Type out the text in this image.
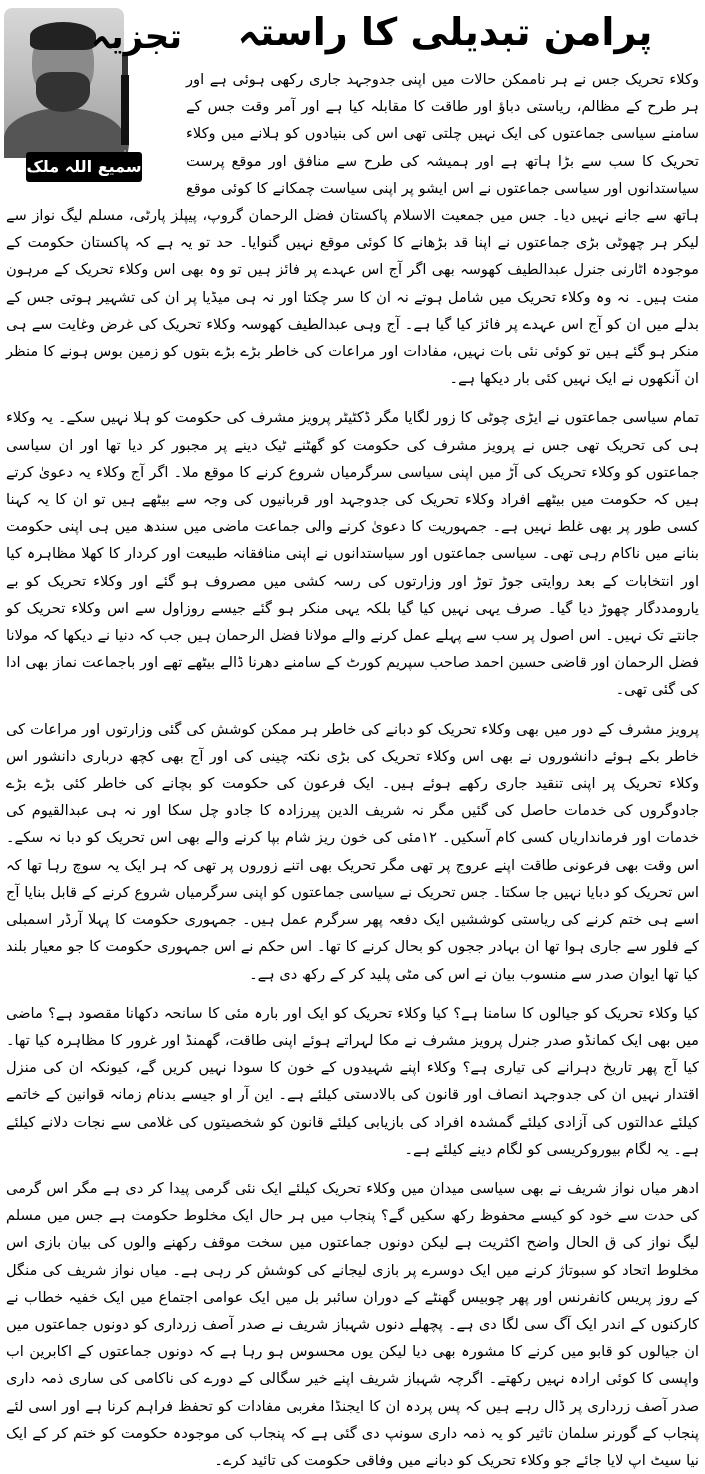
تجزیہ
سمیع اللہ ملک
پرامن تبدیلی کا راستہ

وکلاء تحریک جس نے ہر ناممکن حالات میں اپنی جدوجہد جاری رکھی ہوئی ہے اور ہر طرح کے مظالم، ریاستی دباؤ اور طاقت کا مقابلہ کیا ہے اور آمر وقت جس کے سامنے سیاسی جماعتوں کی ایک نہیں چلتی تھی اس کی بنیادوں کو ہلانے میں وکلاء تحریک کا سب سے بڑا ہاتھ ہے اور ہمیشہ کی طرح سے منافق اور موقع پرست سیاستدانوں اور سیاسی جماعتوں نے اس ایشو پر اپنی سیاست چمکانے کا کوئی موقع ہاتھ سے جانے نہیں دیا۔ جس میں جمعیت الاسلام پاکستان فضل الرحمان گروپ، پیپلز پارٹی، مسلم لیگ نواز سے لیکر ہر چھوٹی بڑی جماعتوں نے اپنا قد بڑھانے کا کوئی موقع نہیں گنوایا۔ حد تو یہ ہے کہ پاکستان حکومت کے موجودہ اٹارنی جنرل عبدالطیف کھوسہ بھی اگر آج اس عہدے پر فائز ہیں تو وہ بھی اس وکلاء تحریک کے مرہون منت ہیں۔ نہ وہ وکلاء تحریک میں شامل ہوتے نہ ان کا سر چکتا اور نہ ہی میڈیا پر ان کی تشہیر ہوتی جس کے بدلے میں ان کو آج اس عہدے پر فائز کیا گیا ہے۔ آج وہی عبدالطیف کھوسہ وکلاء تحریک کی غرض وغایت سے ہی منکر ہو گئے ہیں تو کوئی نئی بات نہیں، مفادات اور مراعات کی خاطر بڑے بڑے بتوں کو زمین بوس ہونے کا منظر ان آنکھوں نے ایک نہیں کئی بار دیکھا ہے۔

تمام سیاسی جماعتوں نے ایڑی چوٹی کا زور لگایا مگر ڈکٹیٹر پرویز مشرف کی حکومت کو ہلا نہیں سکے۔ یہ وکلاء ہی کی تحریک تھی جس نے پرویز مشرف کی حکومت کو گھٹنے ٹیک دینے پر مجبور کر دیا تھا اور ان سیاسی جماعتوں کو وکلاء تحریک کی آڑ میں اپنی سیاسی سرگرمیاں شروع کرنے کا موقع ملا۔ اگر آج وکلاء یہ دعویٰ کرتے ہیں کہ حکومت میں بیٹھے افراد وکلاء تحریک کی جدوجہد اور قربانیوں کی وجہ سے بیٹھے ہیں تو ان کا یہ کہنا کسی طور پر بھی غلط نہیں ہے۔ جمہوریت کا دعویٰ کرنے والی جماعت ماضی میں سندھ میں ہی اپنی حکومت بنانے میں ناکام رہی تھی۔ سیاسی جماعتوں اور سیاستدانوں نے اپنی منافقانہ طبیعت اور کردار کا کھلا مظاہرہ کیا اور انتخابات کے بعد روایتی جوڑ توڑ اور وزارتوں کی رسہ کشی میں مصروف ہو گئے اور وکلاء تحریک کو بے یارومددگار چھوڑ دیا گیا۔ صرف یہی نہیں کیا گیا بلکہ یہی منکر ہو گئے جیسے روزاول سے اس وکلاء تحریک کو جانتے تک نہیں۔ اس اصول پر سب سے پہلے عمل کرنے والے مولانا فضل الرحمان ہیں جب کہ دنیا نے دیکھا کہ مولانا فضل الرحمان اور قاضی حسین احمد صاحب سپریم کورٹ کے سامنے دھرنا ڈالے بیٹھے تھے اور باجماعت نماز بھی ادا کی گئی تھی۔

پرویز مشرف کے دور میں بھی وکلاء تحریک کو دبانے کی خاطر ہر ممکن کوشش کی گئی وزارتوں اور مراعات کی خاطر بکے ہوئے دانشوروں نے بھی اس وکلاء تحریک کی بڑی نکتہ چینی کی اور آج بھی کچھ درباری دانشور اس وکلاء تحریک پر اپنی تنقید جاری رکھے ہوئے ہیں۔ ایک فرعون کی حکومت کو بچانے کی خاطر کئی بڑے بڑے جادوگروں کی خدمات حاصل کی گئیں مگر نہ شریف الدین پیرزادہ کا جادو چل سکا اور نہ ہی عبدالقیوم کی خدمات اور فرمانداریاں کسی کام آسکیں۔ ١٢مئی کی خون ریز شام بپا کرنے والے بھی اس تحریک کو دبا نہ سکے۔ اس وقت بھی فرعونی طاقت اپنے عروج پر تھی مگر تحریک بھی اتنے زوروں پر تھی کہ ہر ایک یہ سوچ رہا تھا کہ اس تحریک کو دبایا نہیں جا سکتا۔ جس تحریک نے سیاسی جماعتوں کو اپنی سرگرمیاں شروع کرنے کے قابل بنایا آج اسے ہی ختم کرنے کی ریاستی کوششیں ایک دفعہ پھر سرگرم عمل ہیں۔ جمہوری حکومت کا پہلا آرڈر اسمبلی کے فلور سے جاری ہوا تھا ان بہادر ججوں کو بحال کرنے کا تھا۔ اس حکم نے اس جمہوری حکومت کا جو معیار بلند کیا تھا ایوان صدر سے منسوب بیان نے اس کی مٹی پلید کر کے رکھ دی ہے۔

کیا وکلاء تحریک کو جیالوں کا سامنا ہے؟ کیا وکلاء تحریک کو ایک اور بارہ مئی کا سانحہ دکھانا مقصود ہے؟ ماضی میں بھی ایک کمانڈو صدر جنرل پرویز مشرف نے مکا لہراتے ہوئے اپنی طاقت، گھمنڈ اور غرور کا مظاہرہ کیا تھا۔ کیا آج پھر تاریخ دہرانے کی تیاری ہے؟ وکلاء اپنے شہیدوں کے خون کا سودا نہیں کریں گے، کیونکہ ان کی منزل اقتدار نہیں ان کی جدوجہد انصاف اور قانون کی بالادستی کیلئے ہے۔ این آر او جیسے بدنام زمانہ قوانین کے خاتمے کیلئے عدالتوں کی آزادی کیلئے گمشدہ افراد کی بازیابی کیلئے قانون کو شخصیتوں کی غلامی سے نجات دلانے کیلئے ہے۔ یہ لگام بیوروکریسی کو لگام دینے کیلئے ہے۔

ادھر میاں نواز شریف نے بھی سیاسی میدان میں وکلاء تحریک کیلئے ایک نئی گرمی پیدا کر دی ہے مگر اس گرمی کی حدت سے خود کو کیسے محفوظ رکھ سکیں گے؟ پنجاب میں ہر حال ایک مخلوط حکومت ہے جس میں مسلم لیگ نواز کی ق الحال واضح اکثریت ہے لیکن دونوں جماعتوں میں سخت موقف رکھنے والوں کی بیان بازی اس مخلوط اتحاد کو سبوتاژ کرنے میں ایک دوسرے پر بازی لیجانے کی کوشش کر رہی ہے۔ میاں نواز شریف کی منگل کے روز پریس کانفرنس اور پھر چوبیس گھنٹے کے دوران سائبر بل میں ایک عوامی اجتماع میں ایک خفیہ خطاب نے کارکنوں کے اندر ایک آگ سی لگا دی ہے۔ پچھلے دنوں شہباز شریف نے صدر آصف زرداری کو دونوں جماعتوں میں ان جیالوں کو قابو میں کرنے کا مشورہ بھی دیا لیکن یوں محسوس ہو رہا ہے کہ دونوں جماعتوں کے اکابرین اب واپسی کا کوئی ارادہ نہیں رکھتے۔ اگرچہ شہباز شریف اپنے خیر سگالی کے دورے کی ناکامی کی ساری ذمہ داری صدر آصف زرداری پر ڈال رہے ہیں کہ پس پردہ ان کا ایجنڈا مغربی مفادات کو تحفظ فراہم کرنا ہے اور اسی لئے پنجاب کے گورنر سلمان تاثیر کو یہ ذمہ داری سونپ دی گئی ہے کہ پنجاب کی موجودہ حکومت کو ختم کر کے ایک نیا سیٹ اپ لایا جائے جو وکلاء تحریک کو دبانے میں وفاقی حکومت کی تائید کرے۔
